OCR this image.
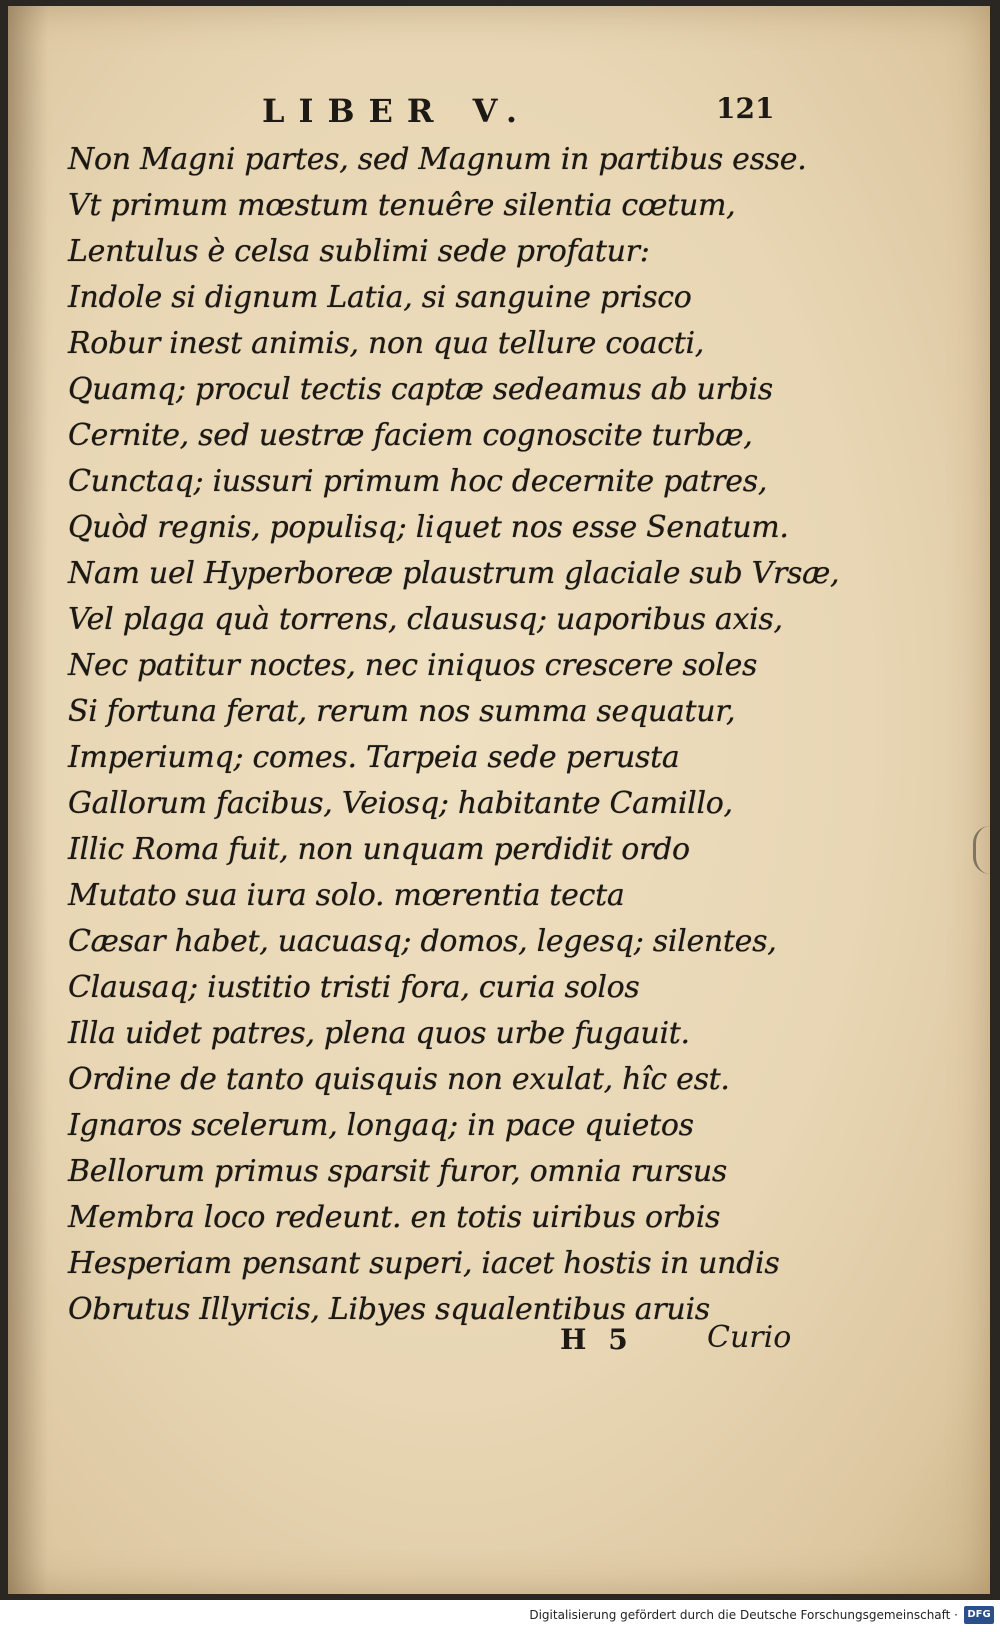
LIBER V.	121
Non Magni partes, sed Magnum in partibus esse.
Vt primum mœstum tenuêre silentia cœtum,
Lentulus è celsa sublimi sede profatur:
Indole si dignum Latia, si sanguine prisco
Robur inest animis, non qua tellure coacti,
Quamq; procul tectis captæ sedeamus ab urbis
Cernite, sed uestræ faciem cognoscite turbæ,
Cunctaq; iussuri primum hoc decernite patres,
Quòd regnis, populisq; liquet nos esse Senatum.
Nam uel Hyperboreæ plaustrum glaciale sub Vrsæ,
Vel plaga quà torrens, claususq; uaporibus axis,
Nec patitur noctes, nec iniquos crescere soles
Si fortuna ferat, rerum nos summa sequatur,
Imperiumq; comes. Tarpeia sede perusta
Gallorum facibus, Veiosq; habitante Camillo,
Illic Roma fuit, non unquam perdidit ordo
Mutato sua iura solo. mœrentia tecta
Cæsar habet, uacuasq; domos, legesq; silentes,
Clausaq; iustitio tristi fora, curia solos
Illa uidet patres, plena quos urbe fugauit.
Ordine de tanto quisquis non exulat, hîc est.
Ignaros scelerum, longaq; in pace quietos
Bellorum primus sparsit furor, omnia rursus
Membra loco redeunt. en totis uiribus orbis
Hesperiam pensant superi, iacet hostis in undis
Obrutus Illyricis, Libyes squalentibus aruis
H 5 Curio
Digitalisierung gefördert durch die Deutsche Forschungsgemeinschaft · DFG
